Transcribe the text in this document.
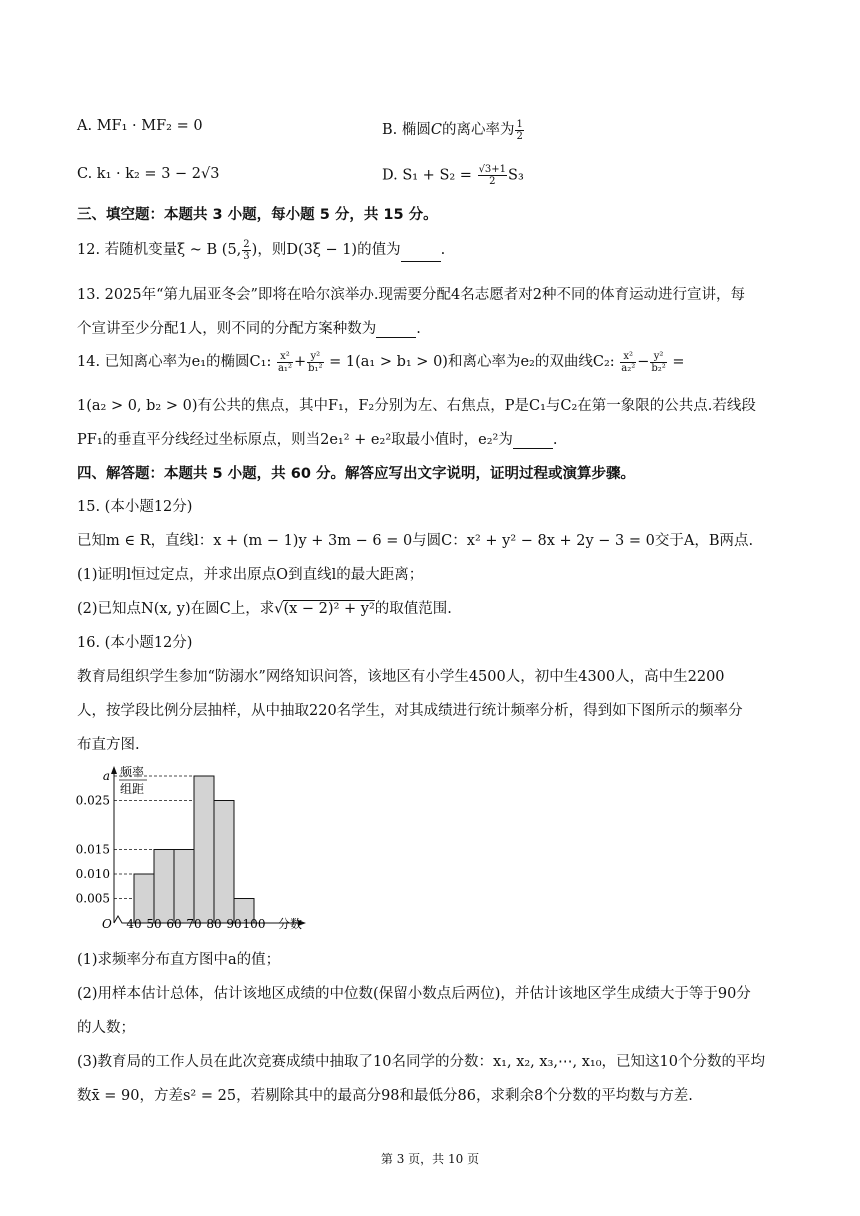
A. MF₁ · MF₂ = 0	B. 椭圆C的离心率为 $\frac{1}{2}$
C. k₁ · k₂ = 3 − 2√3	D. $S_1 + S_2 = \frac{√3+1}{2} S_3$
三、填空题：本题共 3 小题，每小题 5 分，共 15 分。
12. 若随机变量ξ ~ B (5, $\frac{2}{3}$ )，则D(3ξ − 1)的值为	.
13. 2025年“第九届亚冬会”即将在哈尔滨举办.现需要分配4名志愿者对2种不同的体育运动进行宣讲，每
个宣讲至少分配1人，则不同的分配方案种数为	.
14. 已知离心率为e₁的椭圆C₁: $\frac{\text{x²}}{\text{a₁²}} + \frac{\text{y²}}{\text{b₁²}} = 1(a_1 > b_1 > 0)$和离心率为e₂的双曲线C₂: $\frac{\text{x²}}{\text{a₂²}} - \frac{\text{y²}}{\text{b₂²}}$ =
1(a₂ > 0, b₂ > 0)有公共的焦点，其中F₁，F₂分别为左、右焦点，P是C₁与C₂在第一象限的公共点.若线段
PF₁的垂直平分线经过坐标原点，则当2e₁² + e₂²取最小值时，e₂²为	.
四、解答题：本题共 5 小题，共 60 分。解答应写出文字说明，证明过程或演算步骤。
15. (本小题12分)
已知m ∈ R，直线l：x + (m − 1)y + 3m − 6 = 0与圆C：x² + y² − 8x + 2y − 3 = 0交于A，B两点.
(1)证明l恒过定点，并求出原点O到直线l的最大距离；
(2)已知点N(x, y)在圆C上，求√(x − 2)² + y²的取值范围.
16. (本小题12分)
教育局组织学生参加“防溺水”网络知识问答，该地区有小学生4500人，初中生4300人，高中生2200
人，按学段比例分层抽样，从中抽取220名学生，对其成绩进行统计频率分析，得到如下图所示的频率分
布直方图.
频率
组距
O	分数
40 50 60 70 80 90 100
a
0.025
0.015
0.010
0.005
(1)求频率分布直方图中a的值；
(2)用样本估计总体，估计该地区成绩的中位数(保留小数点后两位)，并估计该地区学生成绩大于等于90分
的人数；
(3)教育局的工作人员在此次竞赛成绩中抽取了10名同学的分数：x₁, x₂, x₃,⋯, x₁₀，已知这10个分数的平均
数x̄ = 90，方差s² = 25，若剔除其中的最高分98和最低分86，求剩余8个分数的平均数与方差.
第 3 页，共 10 页
